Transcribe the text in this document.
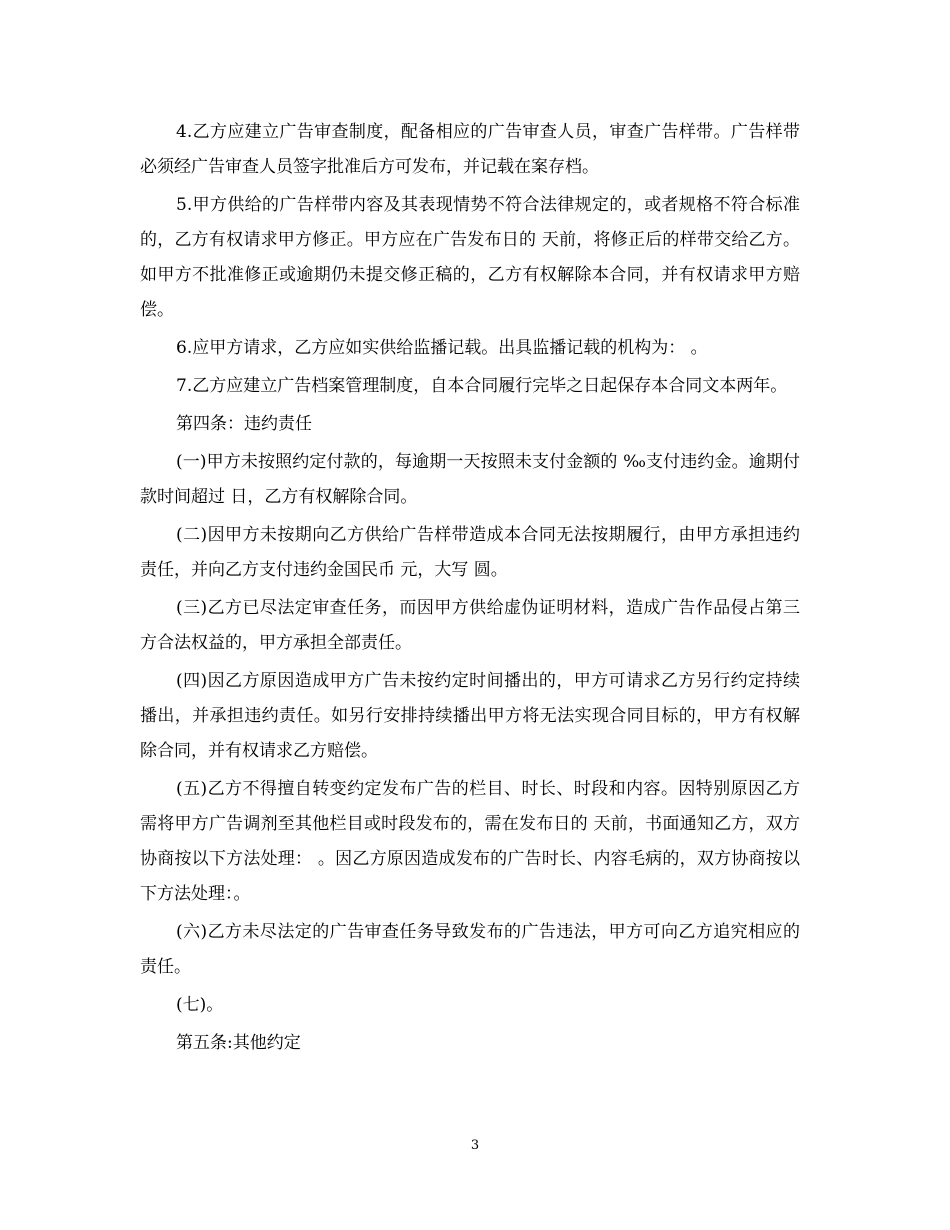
4.乙方应建立广告审查制度，配备相应的广告审查人员，审查广告样带。广告样带必须经广告审查人员签字批准后方可发布，并记载在案存档。

5.甲方供给的广告样带内容及其表现情势不符合法律规定的，或者规格不符合标准的，乙方有权请求甲方修正。甲方应在广告发布日的 天前，将修正后的样带交给乙方。如甲方不批准修正或逾期仍未提交修正稿的，乙方有权解除本合同，并有权请求甲方赔偿。

6.应甲方请求，乙方应如实供给监播记载。出具监播记载的机构为： 。

7.乙方应建立广告档案管理制度，自本合同履行完毕之日起保存本合同文本两年。

第四条：违约责任

(一)甲方未按照约定付款的，每逾期一天按照未支付金额的 ‰支付违约金。逾期付款时间超过 日，乙方有权解除合同。

(二)因甲方未按期向乙方供给广告样带造成本合同无法按期履行，由甲方承担违约责任，并向乙方支付违约金国民币 元，大写 圆。

(三)乙方已尽法定审查任务，而因甲方供给虚伪证明材料，造成广告作品侵占第三方合法权益的，甲方承担全部责任。

(四)因乙方原因造成甲方广告未按约定时间播出的，甲方可请求乙方另行约定持续播出，并承担违约责任。如另行安排持续播出甲方将无法实现合同目标的，甲方有权解除合同，并有权请求乙方赔偿。

(五)乙方不得擅自转变约定发布广告的栏目、时长、时段和内容。因特别原因乙方需将甲方广告调剂至其他栏目或时段发布的，需在发布日的 天前，书面通知乙方，双方协商按以下方法处理： 。因乙方原因造成发布的广告时长、内容毛病的，双方协商按以下方法处理：。

(六)乙方未尽法定的广告审查任务导致发布的广告违法，甲方可向乙方追究相应的责任。

(七)。

第五条:其他约定

3
